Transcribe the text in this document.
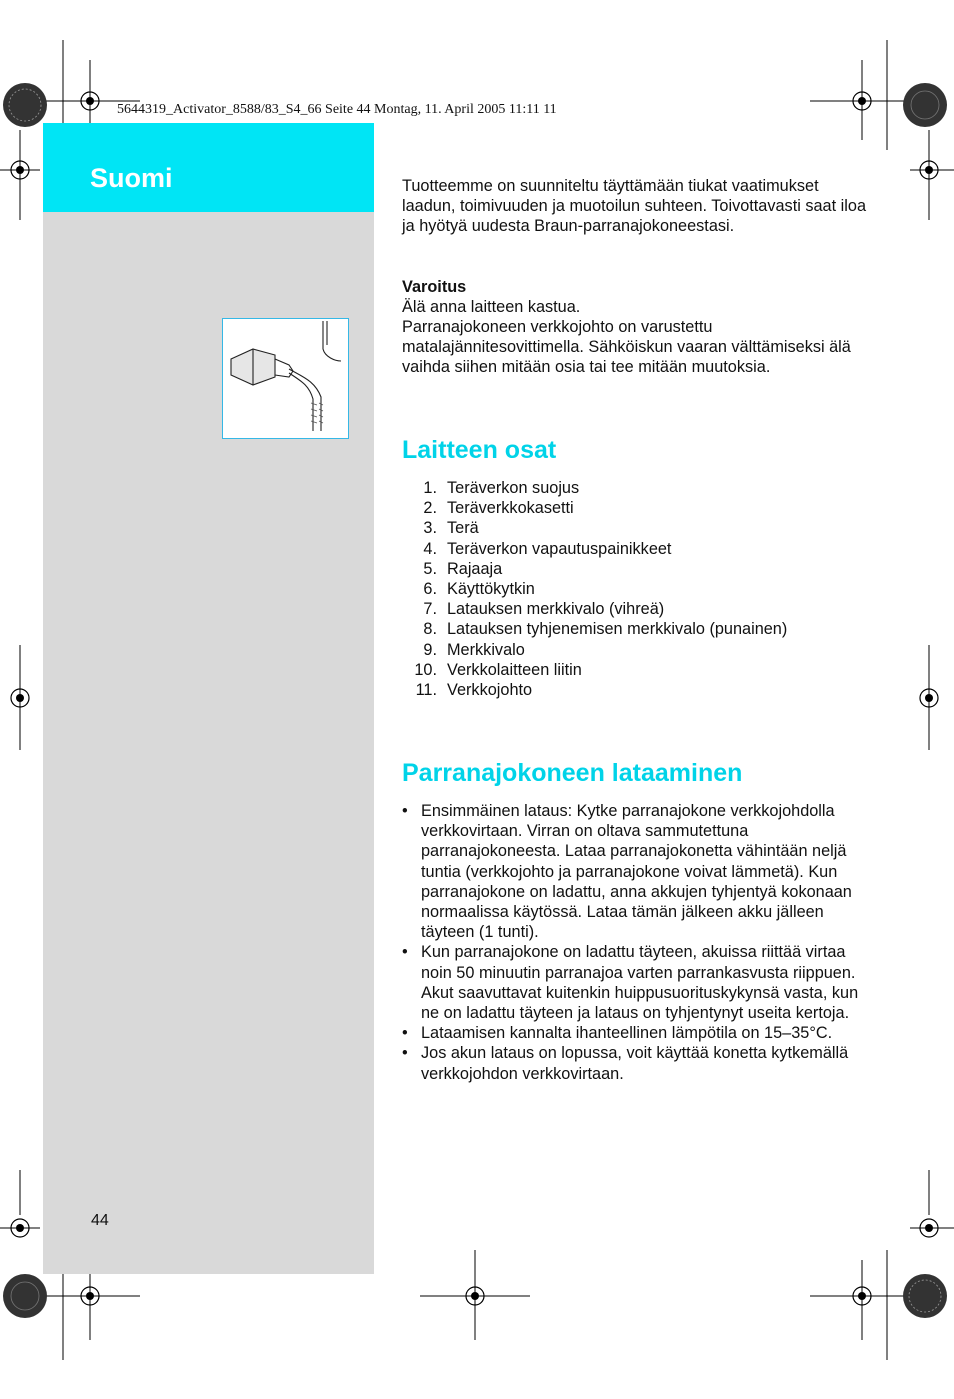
5644319_Activator_8588/83_S4_66 Seite 44 Montag, 11. April 2005 11:11 11
Suomi	Tuotteemme on suunniteltu täyttämään tiukat vaatimukset laadun, toimivuuden ja muotoilun suhteen. Toivottavasti saat iloa ja hyötyä uudesta Braun-parranajokoneestasi.

Varoitus

Älä anna laitteen kastua.

Parranajokoneen verkkojohto on varustettu matalajännitesovittimella. Sähköiskun vaaran välttämiseksi älä vaihda siihen mitään osia tai tee mitään muutoksia.

Laitteen osat
1. Teräverkon suojus
2. Teräverkkokasetti
3. Terä
4. Teräverkon vapautuspainikkeet
5. Rajaaja
6. Käyttökytkin
7. Latauksen merkkivalo (vihreä)
8. Latauksen tyhjenemisen merkkivalo (punainen)
9. Merkkivalo
10. Verkkolaitteen liitin
11. Verkkojohto
Parranajokoneen lataaminen
• Ensimmäinen lataus: Kytke parranajokone verkkojohdolla verkkovirtaan. Virran on oltava sammutettuna parranajokoneesta. Lataa parranajokonetta vähintään neljä tuntia (verkkojohto ja parranajokone voivat lämmetä). Kun parranajokone on ladattu, anna akkujen tyhjentyä kokonaan normaalissa käytössä. Lataa tämän jälkeen akku jälleen täyteen (1 tunti).
• Kun parranajokone on ladattu täyteen, akuissa riittää virtaa noin 50 minuutin parranajoa varten parrankasvusta riippuen. Akut saavuttavat kuitenkin huippusuorituskykynsä vasta, kun ne on ladattu täyteen ja lataus on tyhjentynyt useita kertoja.
• Lataamisen kannalta ihanteellinen lämpötila on 15–35°C.
• Jos akun lataus on lopussa, voit käyttää konetta kytkemällä verkkojohdon verkkovirtaan.
44
